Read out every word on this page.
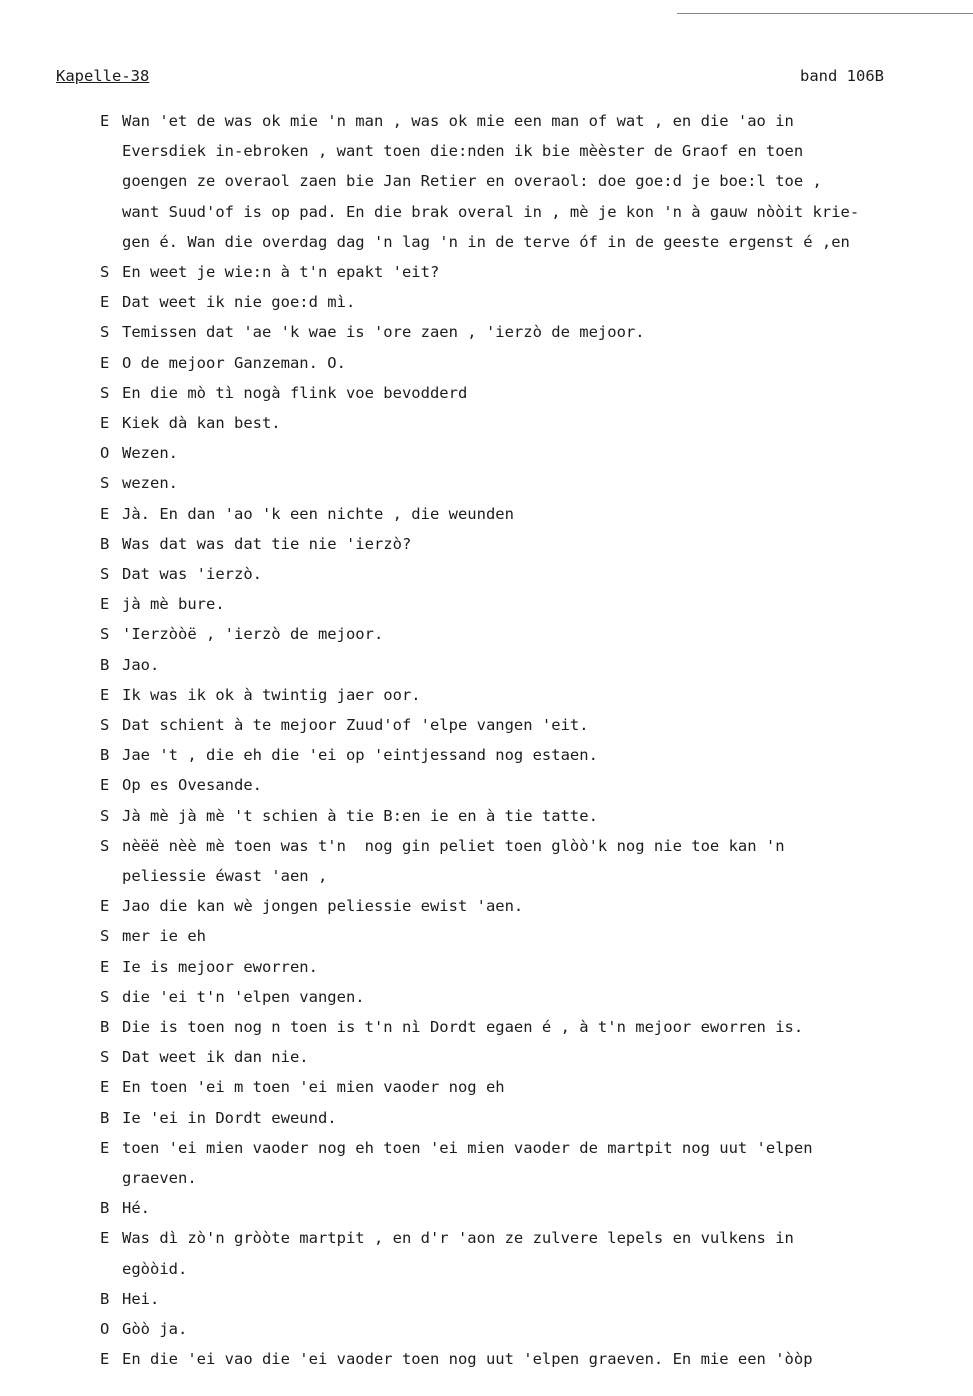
Kapelle-38	band 106B
E Wan 'et de was ok mie 'n man , was ok mie een man of wat , en die 'ao in
Eversdiek in-ebroken , want toen die:nden ik bie mèèster de Graof en toen
goengen ze overaol zaen bie Jan Retier en overaol: doe goe:d je boe:l toe ,
want Suud'of is op pad. En die brak overal in , mè je kon 'n à gauw nòòit krie-
gen é. Wan die overdag dag 'n lag 'n in de terve óf in de geeste ergenst é ,en
S En weet je wie:n à t'n epakt 'eit?
E Dat weet ik nie goe:d mì.
S Temissen dat 'ae 'k wae is 'ore zaen , 'ierzò de mejoor.
E O de mejoor Ganzeman. O.
S En die mò tì nogà flink voe bevodderd
E Kiek dà kan best.
O Wezen.
S wezen.
E Jà. En dan 'ao 'k een nichte , die weunden
B Was dat was dat tie nie 'ierzò?
S Dat was 'ierzò.
E jà mè bure.
S 'Ierzòòë , 'ierzò de mejoor.
B Jao.
E Ik was ik ok à twintig jaer oor.
S Dat schient à te mejoor Zuud'of 'elpe vangen 'eit.
B Jae 't , die eh die 'ei op 'eintjessand nog estaen.
E Op es Ovesande.
S Jà mè jà mè 't schien à tie B:en ie en à tie tatte.
S nèëë nèè mè toen was t'n  nog gin peliet toen glòò'k nog nie toe kan 'n
peliessie éwast 'aen ,
E Jao die kan wè jongen peliessie ewist 'aen.
S mer ie eh
E Ie is mejoor eworren.
S die 'ei t'n 'elpen vangen.
B Die is toen nog n toen is t'n nì Dordt egaen é , à t'n mejoor eworren is.
S Dat weet ik dan nie.
E En toen 'ei m toen 'ei mien vaoder nog eh
B Ie 'ei in Dordt eweund.
E toen 'ei mien vaoder nog eh toen 'ei mien vaoder de martpit nog uut 'elpen
graeven.
B Hé.
E Was dì zò'n gròòte martpit , en d'r 'aon ze zulvere lepels en vulkens in
egòòid.
B Hei.
O Gòò ja.
E En die 'ei vao die 'ei vaoder toen nog uut 'elpen graeven. En mie een 'òòp
